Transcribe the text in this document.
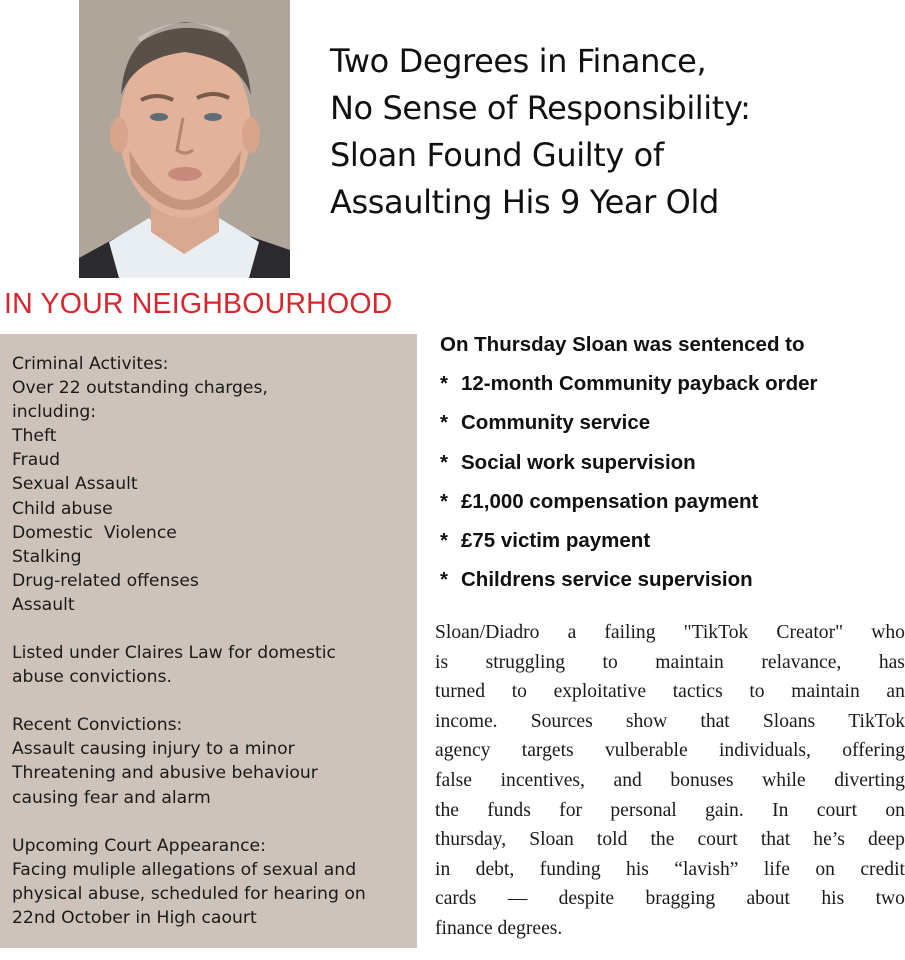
Two Degrees in Finance,
No Sense of Responsibility:
Sloan Found Guilty of
Assaulting His 9 Year Old
IN YOUR NEIGHBOURHOOD
Criminal Activites:
Over 22 outstanding charges,
including:
Theft
Fraud
Sexual Assault
Child abuse
Domestic  Violence
Stalking
Drug-related offenses
Assault
Listed under Claires Law for domestic
abuse convictions.
Recent Convictions:
Assault causing injury to a minor
Threatening and abusive behaviour
causing fear and alarm
Upcoming Court Appearance:
Facing muliple allegations of sexual and
physical abuse, scheduled for hearing on
22nd October in High caourt
On Thursday Sloan was sentenced to
* 12-month Community payback order
* Community service
* Social work supervision
* £1,000 compensation payment
* £75 victim payment
* Childrens service supervision
Sloan/Diadro a failing "TikTok Creator" who
is struggling to maintain relavance, has
turned to exploitative tactics to maintain an
income. Sources show that Sloans TikTok
agency targets vulberable individuals, offering
false incentives, and bonuses while diverting
the funds for personal gain. In court on
thursday, Sloan told the court that he’s deep
in debt, funding his “lavish” life on credit
cards — despite bragging about his two
finance degrees.
